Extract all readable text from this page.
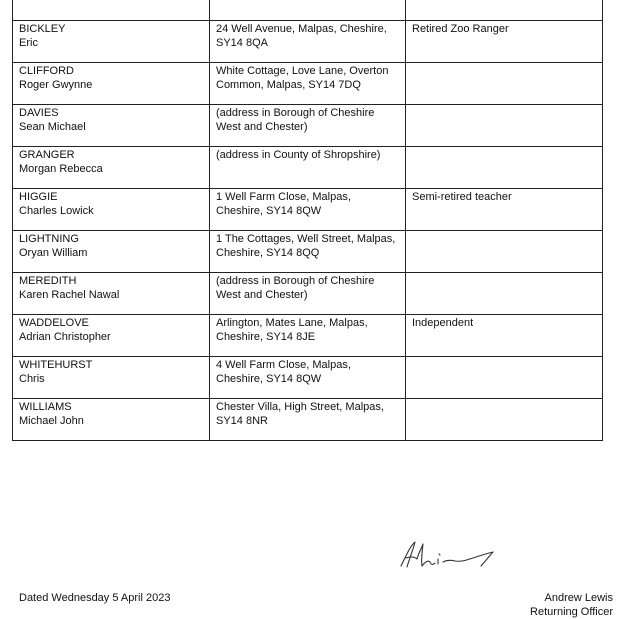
BICKLEY
Eric	24 Well Avenue, Malpas, Cheshire, SY14 8QA	Retired Zoo Ranger

CLIFFORD
Roger Gwynne	White Cottage, Love Lane, Overton Common, Malpas, SY14 7DQ	

DAVIES
Sean Michael	(address in Borough of Cheshire West and Chester)	

GRANGER
Morgan Rebecca	(address in County of Shropshire)	

HIGGIE
Charles Lowick	1 Well Farm Close, Malpas, Cheshire, SY14 8QW	Semi-retired teacher

LIGHTNING
Oryan William	1 The Cottages, Well Street, Malpas, Cheshire, SY14 8QQ	

MEREDITH
Karen Rachel Nawal	(address in Borough of Cheshire West and Chester)	

WADDELOVE
Adrian Christopher	Arlington, Mates Lane, Malpas, Cheshire, SY14 8JE	Independent

WHITEHURST
Chris	4 Well Farm Close, Malpas, Cheshire, SY14 8QW	

WILLIAMS
Michael John	Chester Villa, High Street, Malpas, SY14 8NR	

Dated Wednesday 5 April 2023	Andrew Lewis
Returning Officer
